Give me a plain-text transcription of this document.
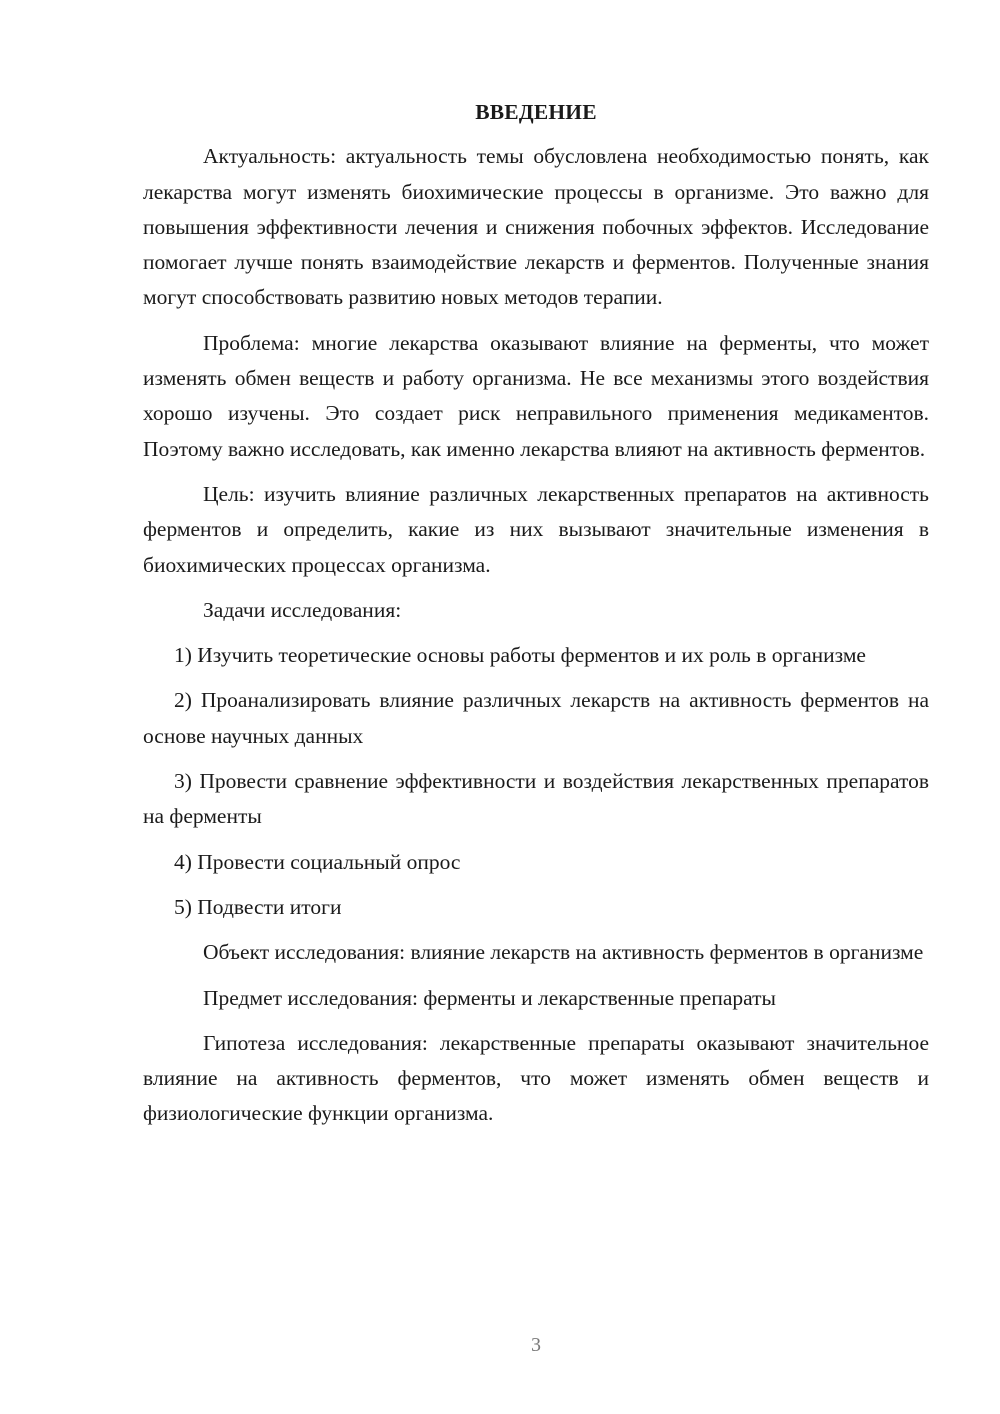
ВВЕДЕНИЕ

Актуальность: актуальность темы обусловлена необходимостью понять, как лекарства могут изменять биохимические процессы в организме. Это важно для повышения эффективности лечения и снижения побочных эффектов. Исследование помогает лучше понять взаимодействие лекарств и ферментов. Полученные знания могут способствовать развитию новых методов терапии.

Проблема: многие лекарства оказывают влияние на ферменты, что может изменять обмен веществ и работу организма. Не все механизмы этого воздействия хорошо изучены. Это создает риск неправильного применения медикаментов. Поэтому важно исследовать, как именно лекарства влияют на активность ферментов.

Цель: изучить влияние различных лекарственных препаратов на активность ферментов и определить, какие из них вызывают значительные изменения в биохимических процессах организма.

Задачи исследования:

1) Изучить теоретические основы работы ферментов и их роль в организме

2) Проанализировать влияние различных лекарств на активность ферментов на основе научных данных

3) Провести сравнение эффективности и воздействия лекарственных препаратов на ферменты

4) Провести социальный опрос

5) Подвести итоги

Объект исследования: влияние лекарств на активность ферментов в организме

Предмет исследования: ферменты и лекарственные препараты

Гипотеза исследования: лекарственные препараты оказывают значительное влияние на активность ферментов, что может изменять обмен веществ и физиологические функции организма.

3
